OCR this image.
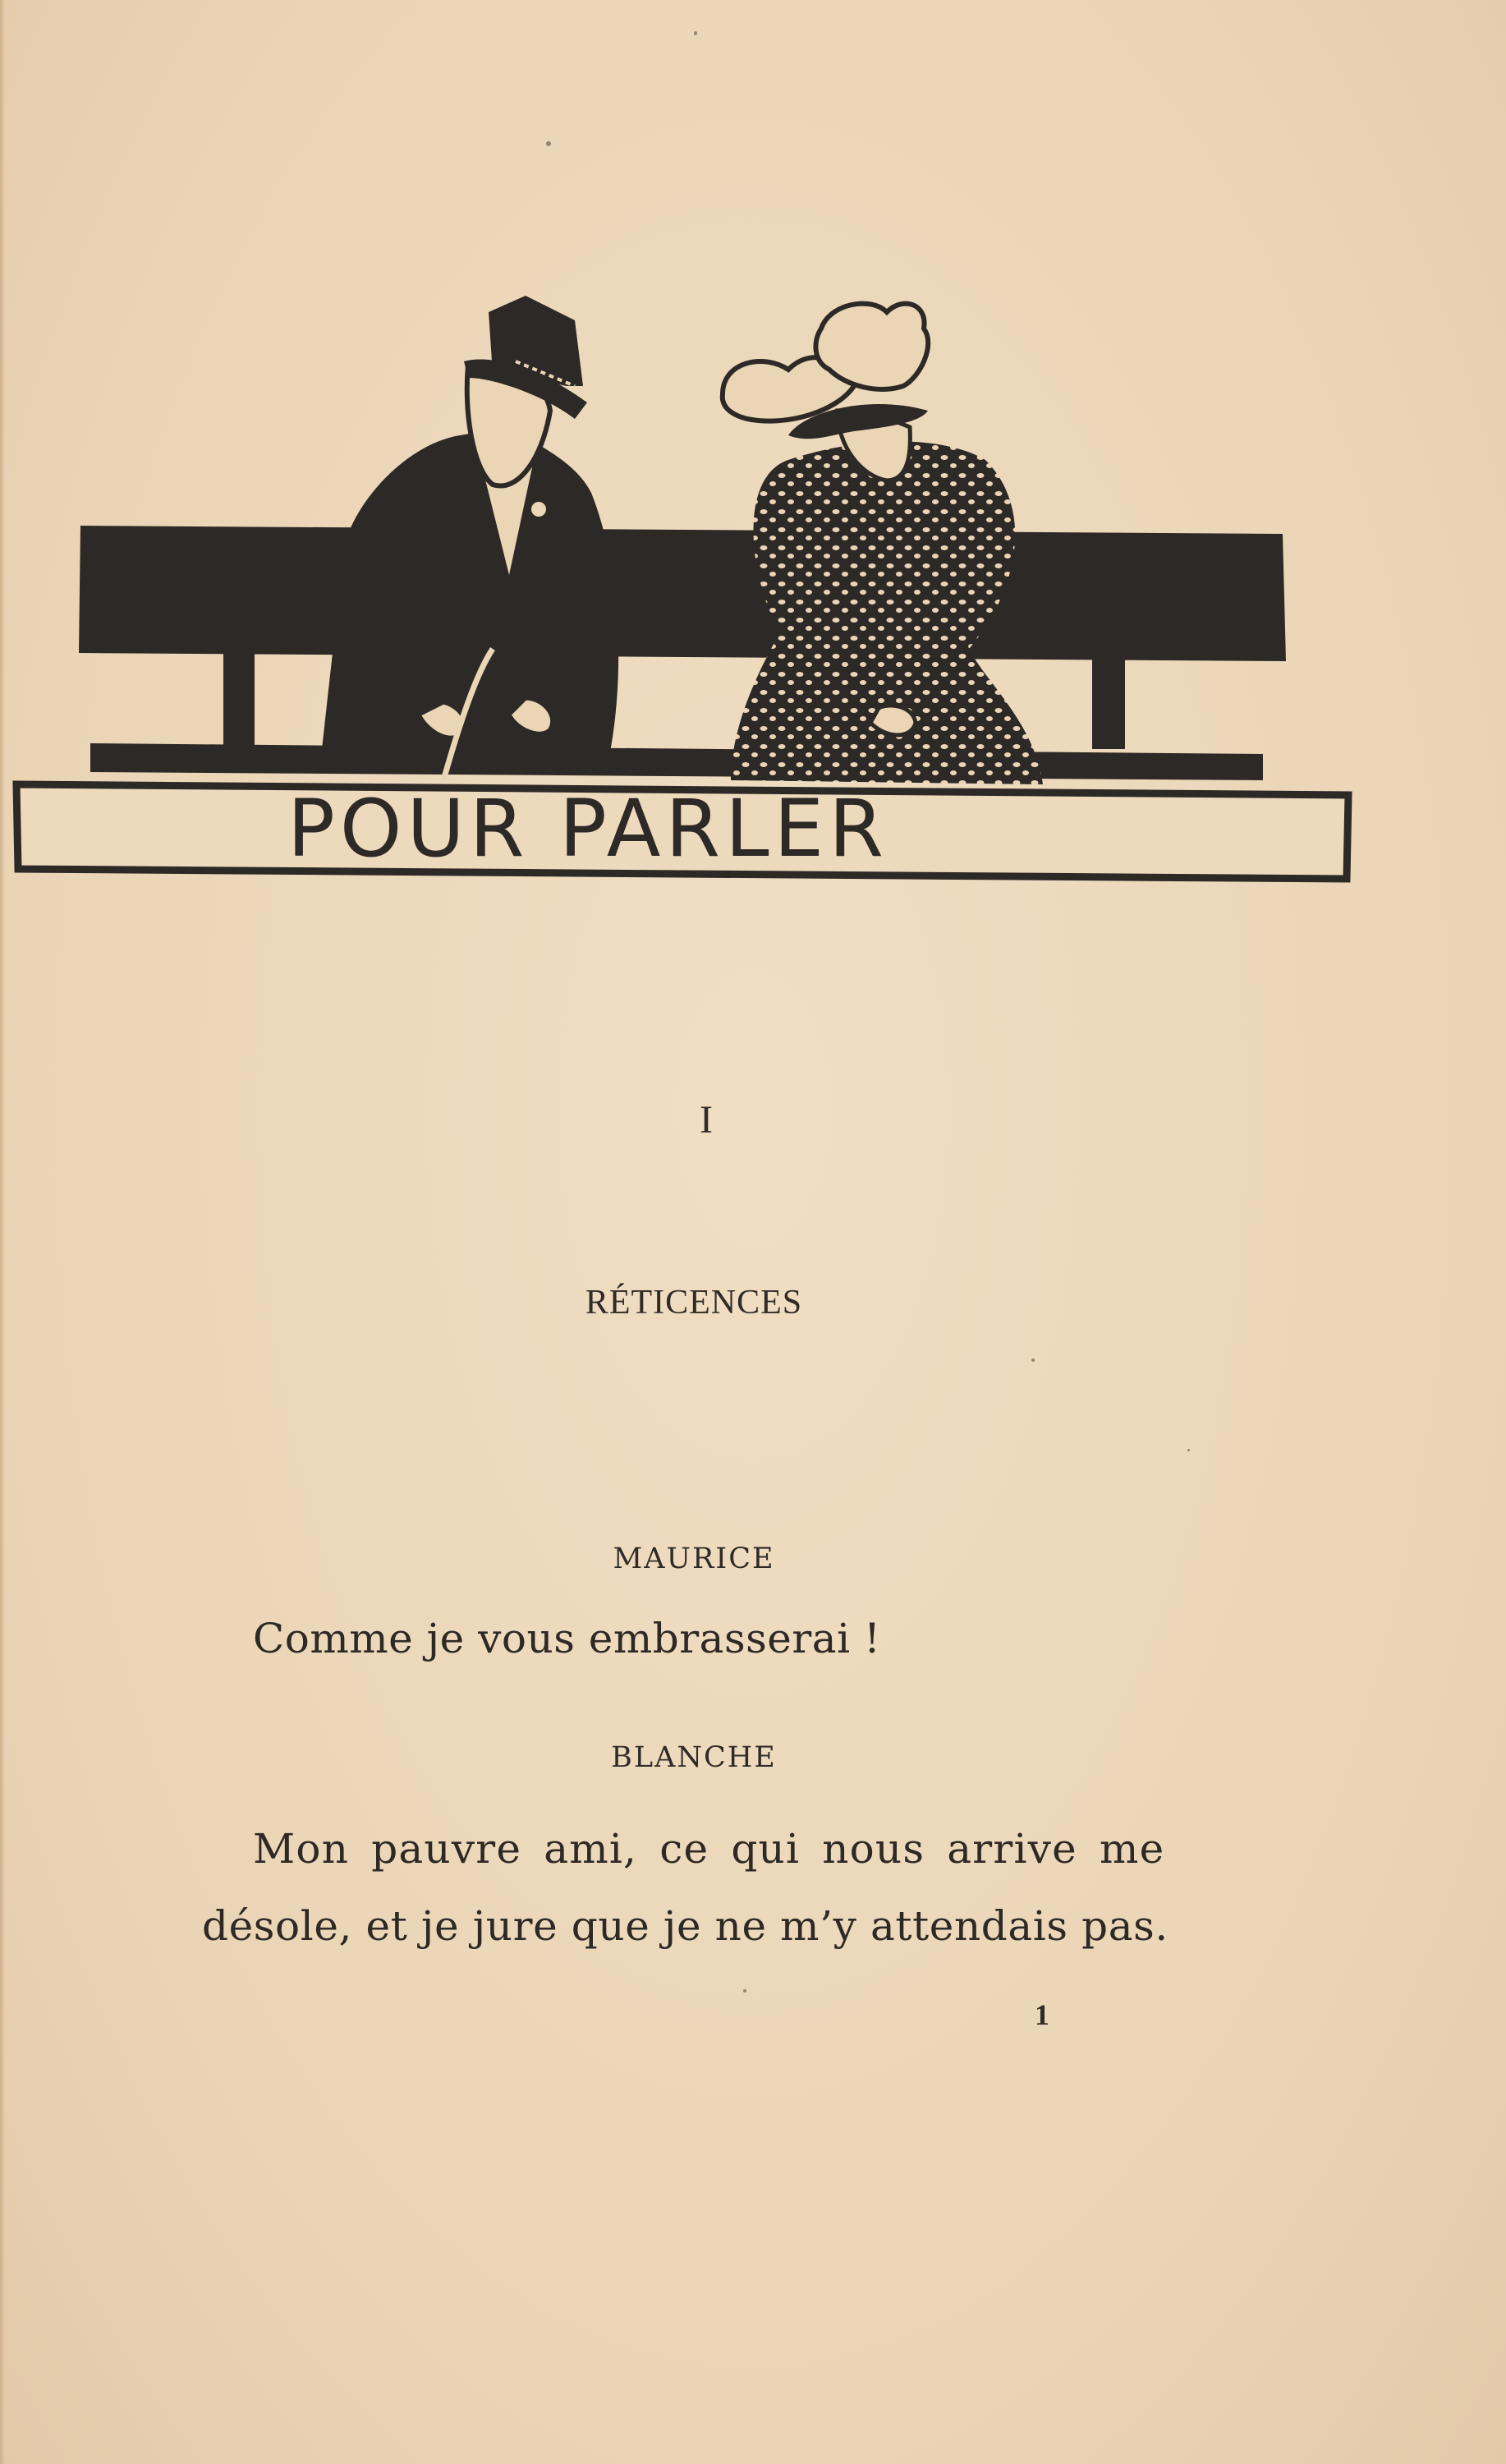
POUR PARLER
I
RÉTICENCES
MAURICE
Comme je vous embrasserai !
BLANCHE
Mon pauvre ami, ce qui nous arrive me
désole, et je jure que je ne m’y attendais pas.
1
